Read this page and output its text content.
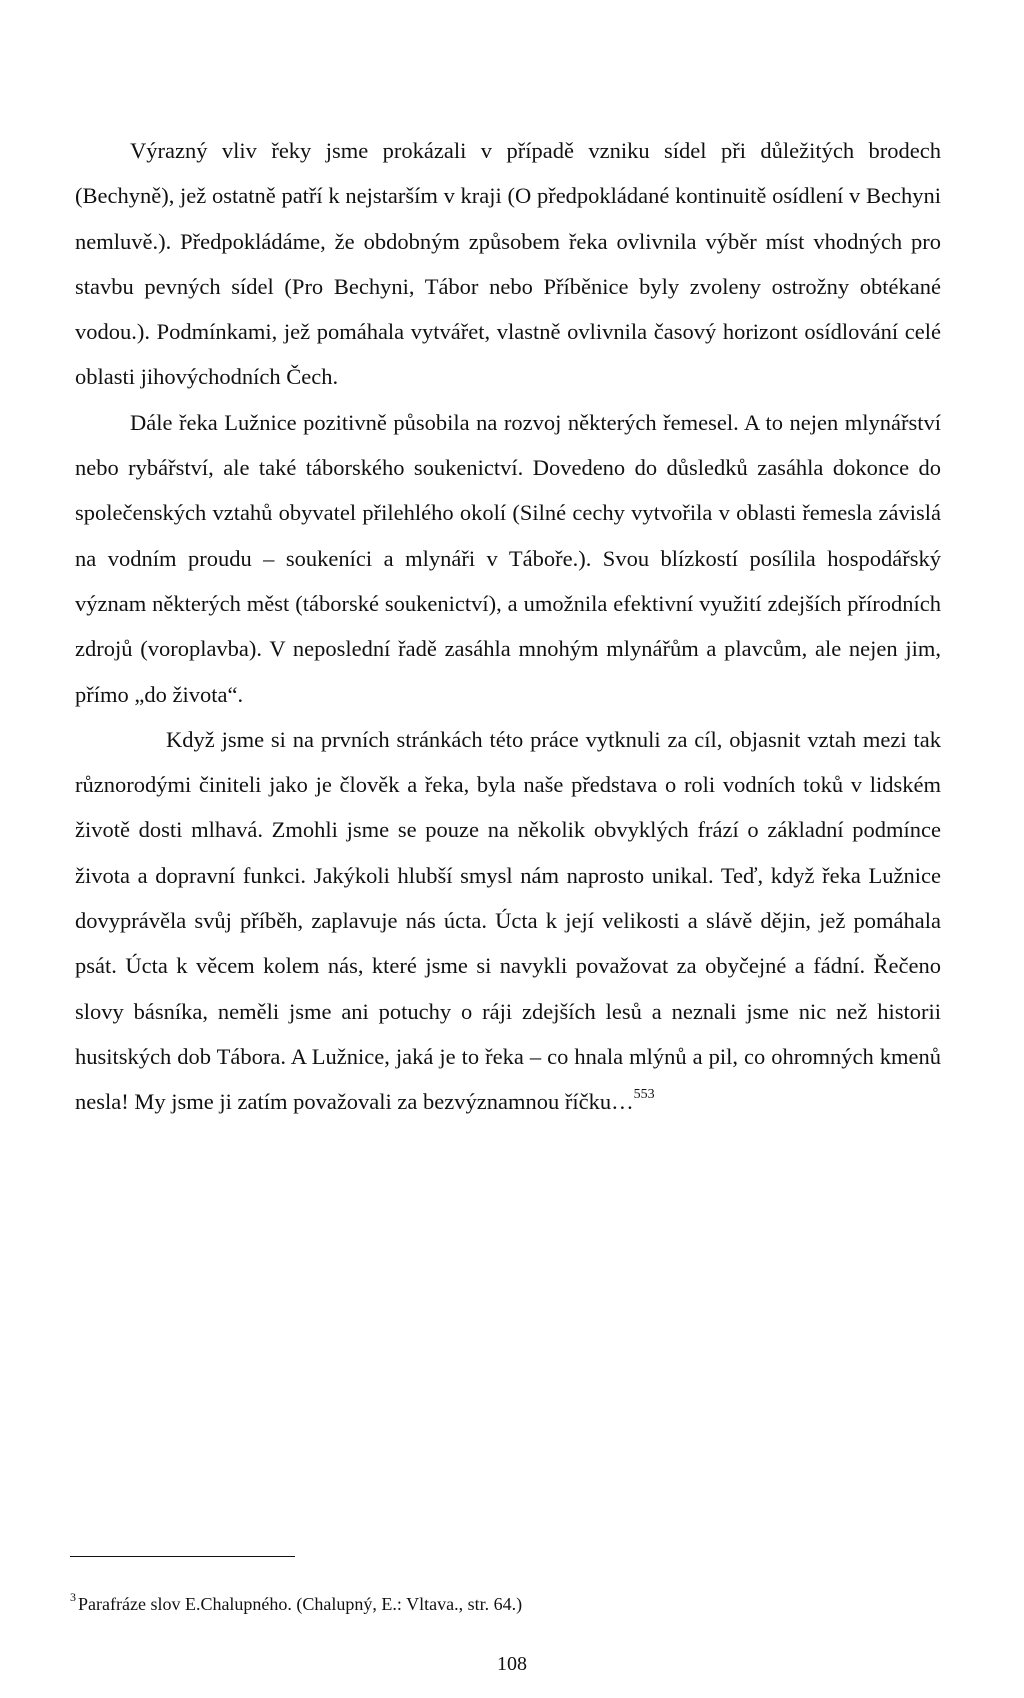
Výrazný vliv řeky jsme prokázali v případě vzniku sídel při důležitých brodech (Bechyně), jež ostatně patří k nejstarším v kraji (O předpokládané kontinuitě osídlení v Bechyni nemluvě.). Předpokládáme, že obdobným způsobem řeka ovlivnila výběr míst vhodných pro stavbu pevných sídel (Pro Bechyni, Tábor nebo Příběnice byly zvoleny ostrožny obtékané vodou.). Podmínkami, jež pomáhala vytvářet, vlastně ovlivnila časový horizont osídlování celé oblasti jihovýchodních Čech.

Dále řeka Lužnice pozitivně působila na rozvoj některých řemesel. A to nejen mlynářství nebo rybářství, ale také táborského soukenictví. Dovedeno do důsledků zasáhla dokonce do společenských vztahů obyvatel přilehlého okolí (Silné cechy vytvořila v oblasti řemesla závislá na vodním proudu – soukeníci a mlynáři v Táboře.). Svou blízkostí posílila hospodářský význam některých měst (táborské soukenictví), a umožnila efektivní využití zdejších přírodních zdrojů (voroplavba). V neposlední řadě zasáhla mnohým mlynářům a plavcům, ale nejen jim, přímo „do života“.

Když jsme si na prvních stránkách této práce vytknuli za cíl, objasnit vztah mezi tak různorodými činiteli jako je člověk a řeka, byla naše představa o roli vodních toků v lidském životě dosti mlhavá. Zmohli jsme se pouze na několik obvyklých frází o základní podmínce života a dopravní funkci. Jakýkoli hlubší smysl nám naprosto unikal. Teď, když řeka Lužnice dovyprávěla svůj příběh, zaplavuje nás úcta. Úcta k její velikosti a slávě dějin, jež pomáhala psát. Úcta k věcem kolem nás, které jsme si navykli považovat za obyčejné a fádní. Řečeno slovy básníka, neměli jsme ani potuchy o ráji zdejších lesů a neznali jsme nic než historii husitských dob Tábora. A Lužnice, jaká je to řeka – co hnala mlýnů a pil, co ohromných kmenů nesla! My jsme ji zatím považovali za bezvýznamnou říčku…$^{553}$

$^3$ Parafráze slov E.Chalupného. (Chalupný, E.: Vltava., str. 64.)
108
